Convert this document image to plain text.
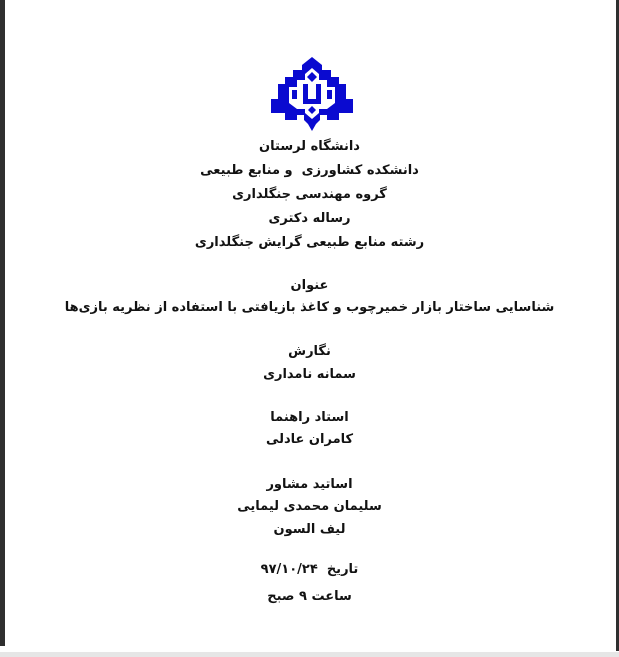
دانشگاه لرستان
دانشکده کشاورزی  و منابع طبیعی
گروه مهندسی جنگلداری
رساله دکتری
رشته منابع طبیعی گرایش جنگلداری
عنوان
شناسایی ساختار بازار خمیرچوب و کاغذ بازیافتی با استفاده از نظریه بازی‌ها
نگارش
سمانه نامداری
استاد راهنما
کامران عادلی
اساتید مشاور
سلیمان محمدی لیمایی
لیف السون
تاریخ  ۹۷/۱۰/۲۴
ساعت ۹ صبح
